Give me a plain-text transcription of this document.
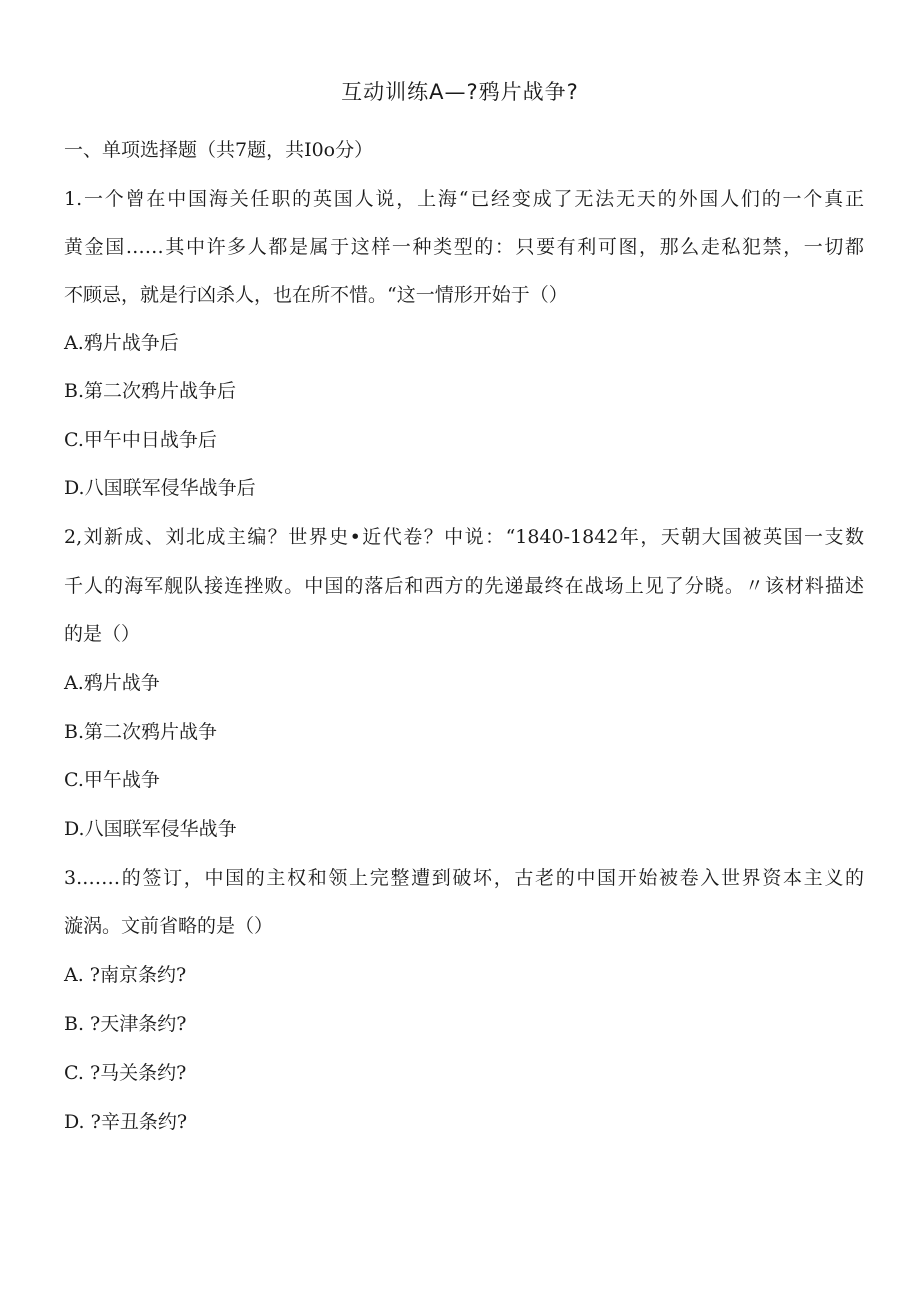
互动训练A—?鸦片战争?
一、单项选择题（共7题，共I0o分）
1.一个曾在中国海关任职的英国人说，上海“已经变成了无法无天的外国人们的一个真正
黄金国……其中许多人都是属于这样一种类型的：只要有利可图，那么走私犯禁，一切都
不顾忌，就是行凶杀人，也在所不惜。“这一情形开始于（）
A.鸦片战争后
B.第二次鸦片战争后
C.甲午中日战争后
D.八国联军侵华战争后
2,刘新成、刘北成主编？世界史•近代卷？中说：“1840-1842年，天朝大国被英国一支数
千人的海军舰队接连挫败。中国的落后和西方的先递最终在战场上见了分晓。〃该材料描述
的是（）
A.鸦片战争
B.第二次鸦片战争
C.甲午战争
D.八国联军侵华战争
3.……的签订，中国的主权和领上完整遭到破坏，古老的中国开始被卷入世界资本主义的
漩涡。文前省略的是（）
A. ?南京条约?
B. ?天津条约?
C. ?马关条约?
D. ?辛丑条约?
